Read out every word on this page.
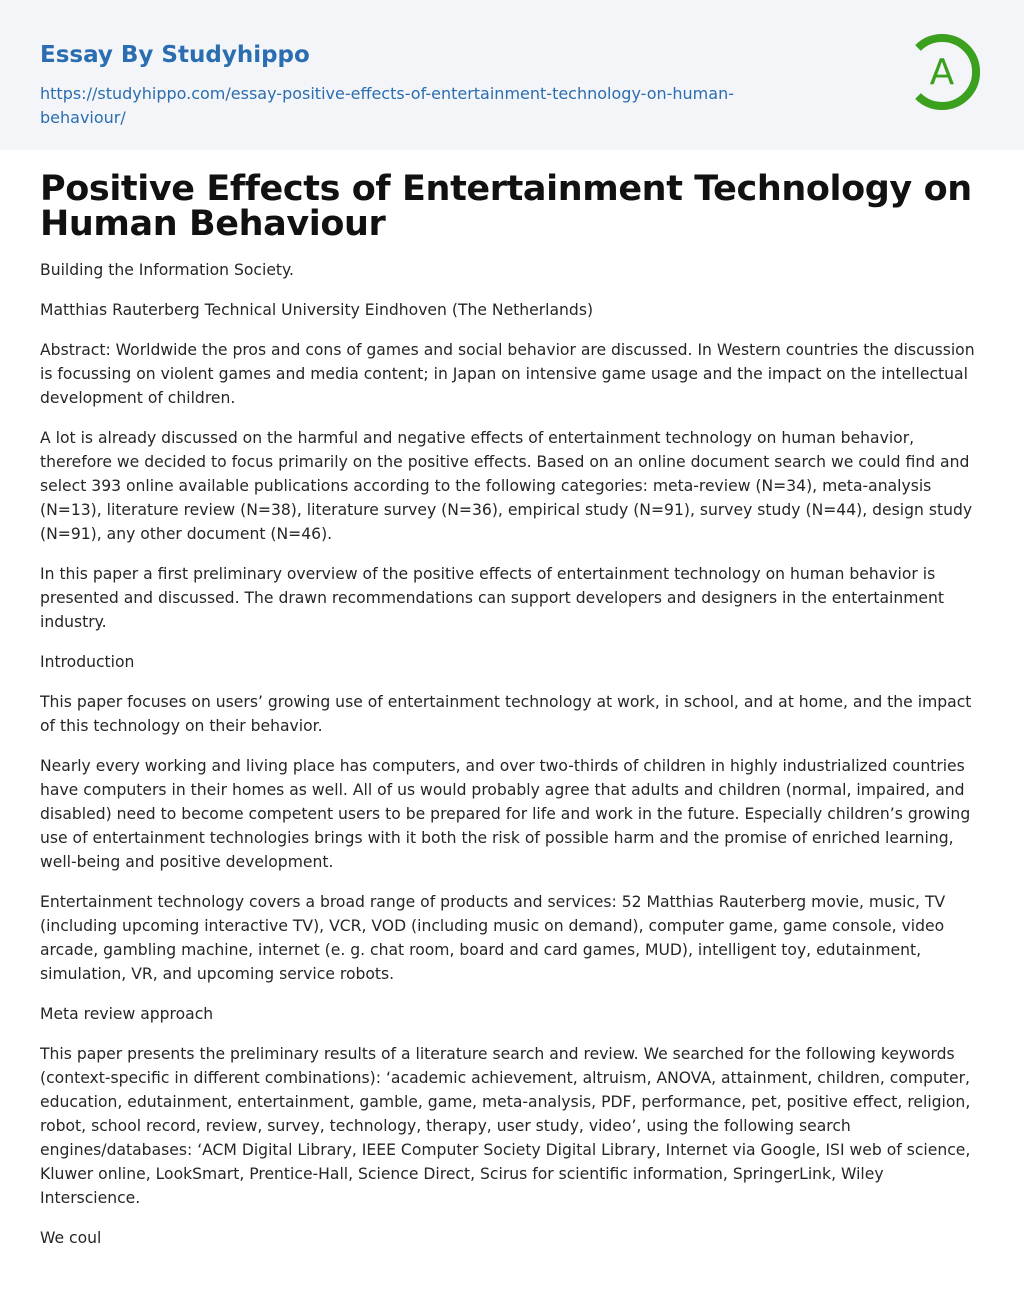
Essay By Studyhippo
https://studyhippo.com/essay-positive-effects-of-entertainment-technology-on-human-behaviour/
A
Positive Effects of Entertainment Technology on Human Behaviour

Building the Information Society.

Matthias Rauterberg Technical University Eindhoven (The Netherlands)

Abstract: Worldwide the pros and cons of games and social behavior are discussed. In Western countries the discussion is focussing on violent games and media content; in Japan on intensive game usage and the impact on the intellectual development of children.

A lot is already discussed on the harmful and negative effects of entertainment technology on human behavior, therefore we decided to focus primarily on the positive effects. Based on an online document search we could find and select 393 online available publications according to the following categories: meta-review (N=34), meta-analysis (N=13), literature review (N=38), literature survey (N=36), empirical study (N=91), survey study (N=44), design study (N=91), any other document (N=46).

In this paper a first preliminary overview of the positive effects of entertainment technology on human behavior is presented and discussed. The drawn recommendations can support developers and designers in the entertainment industry.

Introduction

This paper focuses on users’ growing use of entertainment technology at work, in school, and at home, and the impact of this technology on their behavior.

Nearly every working and living place has computers, and over two-thirds of children in highly industrialized countries have computers in their homes as well. All of us would probably agree that adults and children (normal, impaired, and disabled) need to become competent users to be prepared for life and work in the future. Especially children’s growing use of entertainment technologies brings with it both the risk of possible harm and the promise of enriched learning, well-being and positive development.

Entertainment technology covers a broad range of products and services: 52 Matthias Rauterberg movie, music, TV (including upcoming interactive TV), VCR, VOD (including music on demand), computer game, game console, video arcade, gambling machine, internet (e. g. chat room, board and card games, MUD), intelligent toy, edutainment, simulation, VR, and upcoming service robots.

Meta review approach

This paper presents the preliminary results of a literature search and review. We searched for the following keywords (context-specific in different combinations): ‘academic achievement, altruism, ANOVA, attainment, children, computer, education, edutainment, entertainment, gamble, game, meta-analysis, PDF, performance, pet, positive effect, religion, robot, school record, review, survey, technology, therapy, user study, video’, using the following search engines/databases: ‘ACM Digital Library, IEEE Computer Society Digital Library, Internet via Google, ISI web of science, Kluwer online, LookSmart, Prentice-Hall, Science Direct, Scirus for scientific information, SpringerLink, Wiley Interscience.

We coul
